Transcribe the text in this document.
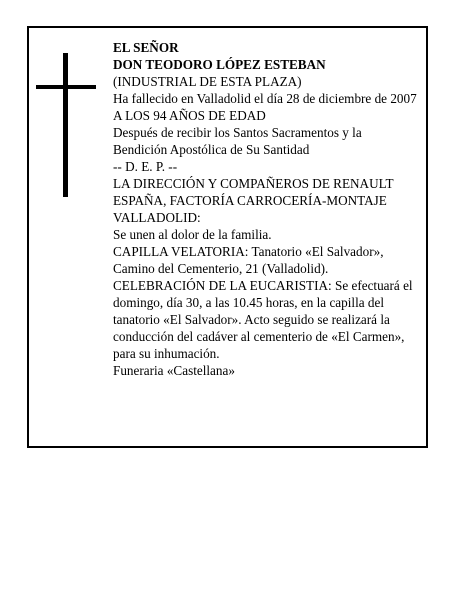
EL SEÑOR

DON TEODORO LÓPEZ ESTEBAN

(INDUSTRIAL DE ESTA PLAZA)

Ha fallecido en Valladolid el día 28 de diciembre de 2007

A LOS 94 AÑOS DE EDAD

Después de recibir los Santos Sacramentos y la Bendición Apostólica de Su Santidad

-- D. E. P. --

LA DIRECCIÓN Y COMPAÑEROS DE RENAULT ESPAÑA, FACTORÍA CARROCERÍA-MONTAJE VALLADOLID:

Se unen al dolor de la familia.

CAPILLA VELATORIA: Tanatorio «El Salvador», Camino del Cementerio, 21 (Valladolid).

CELEBRACIÓN DE LA EUCARISTIA: Se efectuará el domingo, día 30, a las 10.45 horas, en la capilla del tanatorio «El Salvador». Acto seguido se realizará la conducción del cadáver al cementerio de «El Carmen», para su inhumación.

Funeraria «Castellana»
